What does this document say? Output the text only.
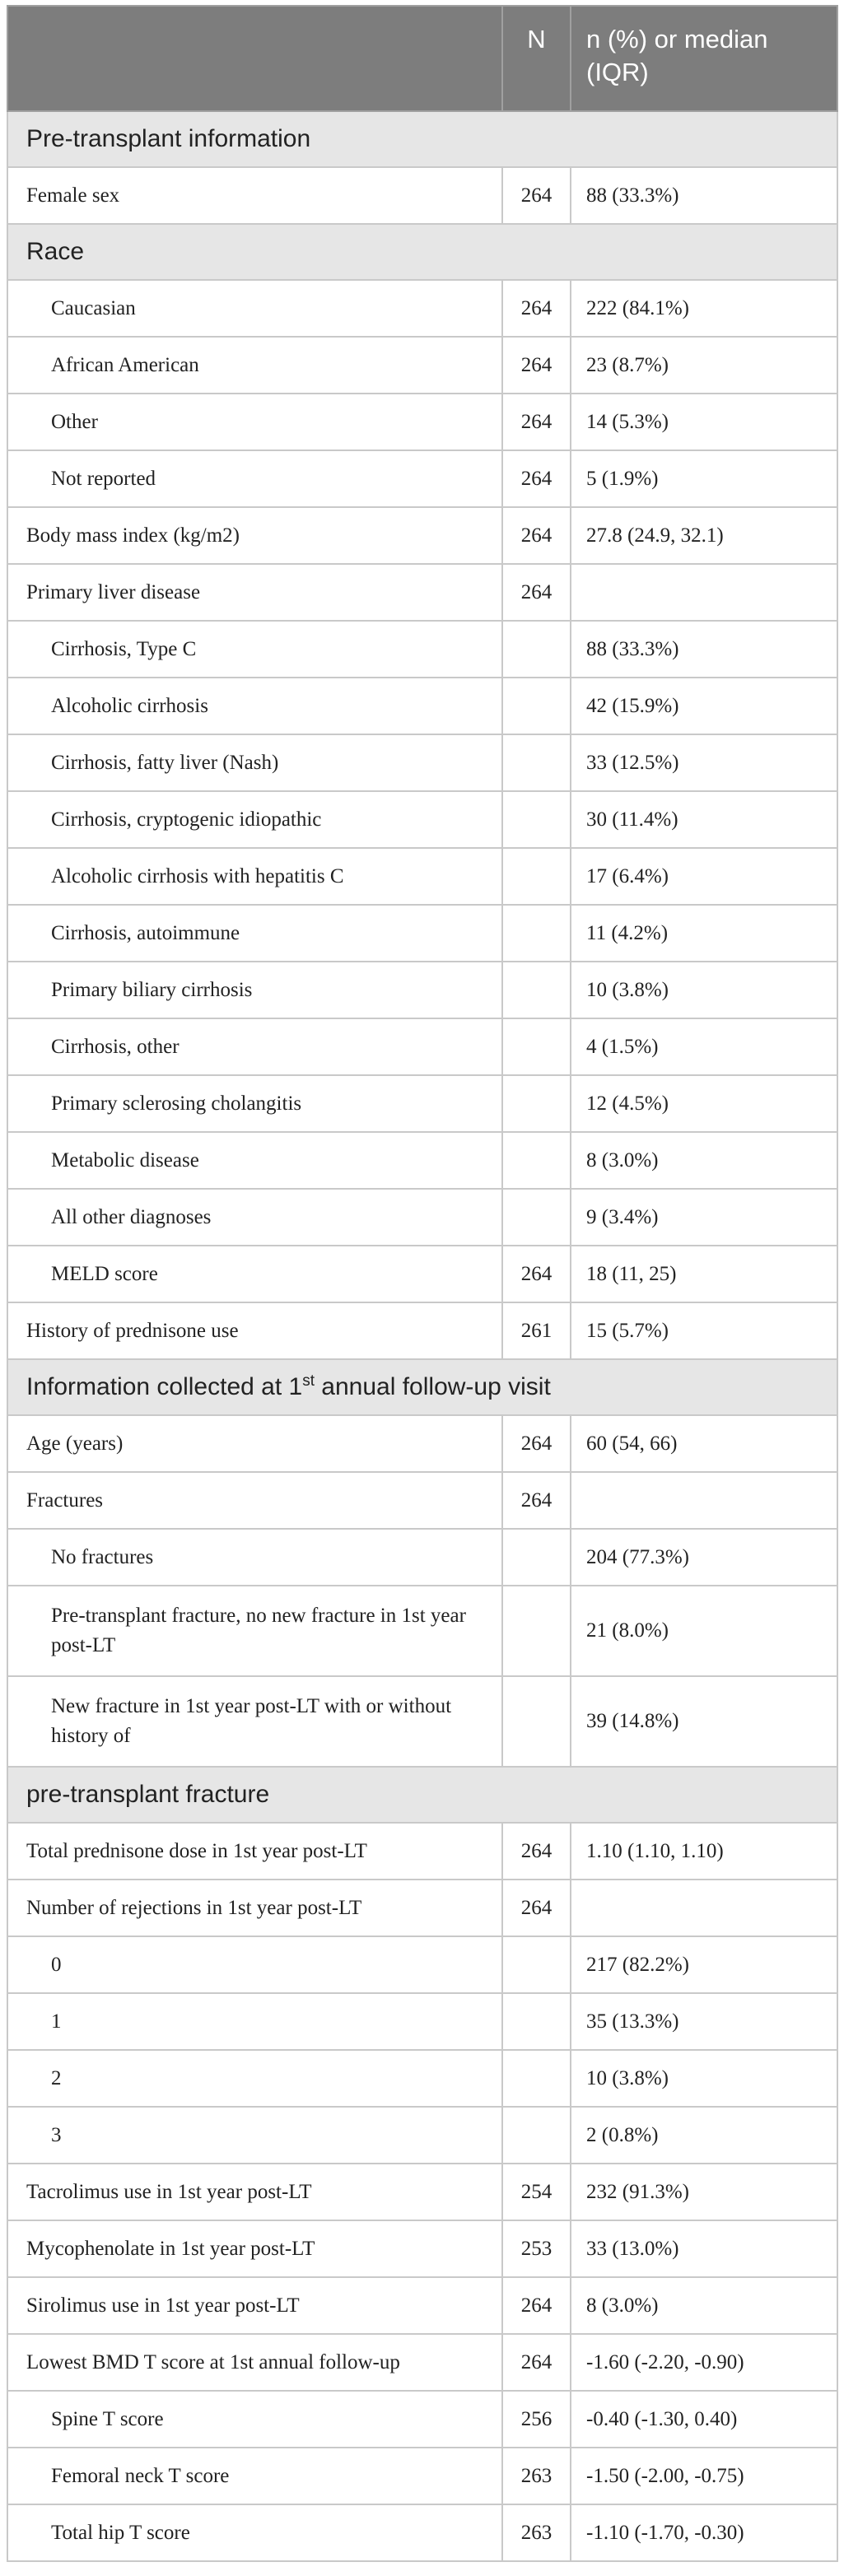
	N	n (%) or median (IQR)
Pre-transplant information		
Female sex	264	88 (33.3%)
Race		
Caucasian	264	222 (84.1%)
African American	264	23 (8.7%)
Other	264	14 (5.3%)
Not reported	264	5 (1.9%)
Body mass index (kg/m2)	264	27.8 (24.9, 32.1)
Primary liver disease	264	
Cirrhosis, Type C		88 (33.3%)
Alcoholic cirrhosis		42 (15.9%)
Cirrhosis, fatty liver (Nash)		33 (12.5%)
Cirrhosis, cryptogenic idiopathic		30 (11.4%)
Alcoholic cirrhosis with hepatitis C		17 (6.4%)
Cirrhosis, autoimmune		11 (4.2%)
Primary biliary cirrhosis		10 (3.8%)
Cirrhosis, other		4 (1.5%)
Primary sclerosing cholangitis		12 (4.5%)
Metabolic disease		8 (3.0%)
All other diagnoses		9 (3.4%)
MELD score	264	18 (11, 25)
History of prednisone use	261	15 (5.7%)
Information collected at 1st annual follow-up visit		
Age (years)	264	60 (54, 66)
Fractures	264	
No fractures		204 (77.3%)
Pre-transplant fracture, no new fracture in 1st year post-LT		21 (8.0%)
New fracture in 1st year post-LT with or without history of		39 (14.8%)
pre-transplant fracture		
Total prednisone dose in 1st year post-LT	264	1.10 (1.10, 1.10)
Number of rejections in 1st year post-LT	264	
0		217 (82.2%)
1		35 (13.3%)
2		10 (3.8%)
3		2 (0.8%)
Tacrolimus use in 1st year post-LT	254	232 (91.3%)
Mycophenolate in 1st year post-LT	253	33 (13.0%)
Sirolimus use in 1st year post-LT	264	8 (3.0%)
Lowest BMD T score at 1st annual follow-up	264	-1.60 (-2.20, -0.90)
Spine T score	256	-0.40 (-1.30, 0.40)
Femoral neck T score	263	-1.50 (-2.00, -0.75)
Total hip T score	263	-1.10 (-1.70, -0.30)
